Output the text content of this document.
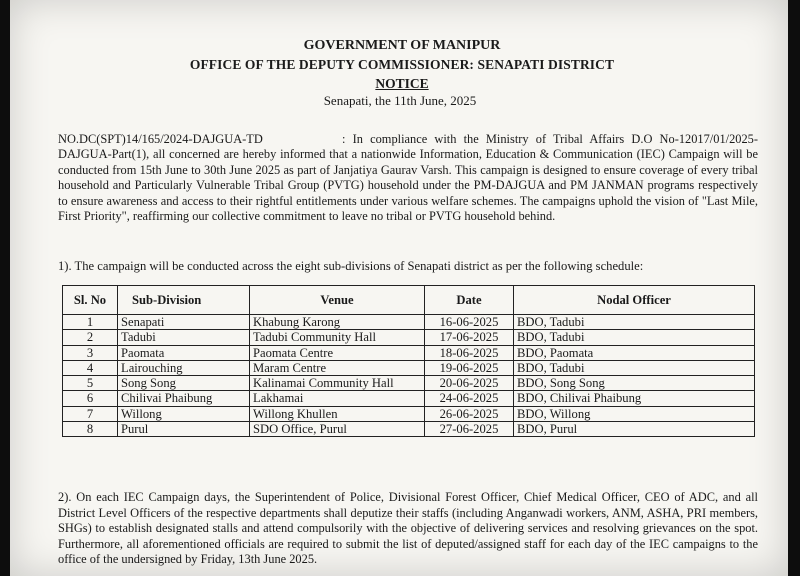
GOVERNMENT OF MANIPUR
OFFICE OF THE DEPUTY COMMISSIONER: SENAPATI DISTRICT
NOTICE
Senapati, the 11th June, 2025
NO.DC(SPT)14/165/2024-DAJGUA-TD	: In compliance with the Ministry of Tribal Affairs D.O No-12017/01/2025-DAJGUA-Part(1), all concerned are hereby informed that a nationwide Information, Education & Communication (IEC) Campaign will be conducted from 15th June to 30th June 2025 as part of Janjatiya Gaurav Varsh. This campaign is designed to ensure coverage of every tribal household and Particularly Vulnerable Tribal Group (PVTG) household under the PM-DAJGUA and PM JANMAN programs respectively to ensure awareness and access to their rightful entitlements under various welfare schemes. The campaigns uphold the vision of "Last Mile, First Priority", reaffirming our collective commitment to leave no tribal or PVTG household behind.
1). The campaign will be conducted across the eight sub-divisions of Senapati district as per the following schedule:
Sl. No	Sub-Division	Venue	Date	Nodal Officer
1	Senapati	Khabung Karong	16-06-2025	BDO, Tadubi
2	Tadubi	Tadubi Community Hall	17-06-2025	BDO, Tadubi
3	Paomata	Paomata Centre	18-06-2025	BDO, Paomata
4	Lairouching	Maram Centre	19-06-2025	BDO, Tadubi
5	Song Song	Kalinamai Community Hall	20-06-2025	BDO, Song Song
6	Chilivai Phaibung	Lakhamai	24-06-2025	BDO, Chilivai Phaibung
7	Willong	Willong Khullen	26-06-2025	BDO, Willong
8	Purul	SDO Office, Purul	27-06-2025	BDO, Purul
2). On each IEC Campaign days, the Superintendent of Police, Divisional Forest Officer, Chief Medical Officer, CEO of ADC, and all District Level Officers of the respective departments shall deputize their staffs (including Anganwadi workers, ANM, ASHA, PRI members, SHGs) to establish designated stalls and attend compulsorily with the objective of delivering services and resolving grievances on the spot. Furthermore, all aforementioned officials are required to submit the list of deputed/assigned staff for each day of the IEC campaigns to the office of the undersigned by Friday, 13th June 2025.
